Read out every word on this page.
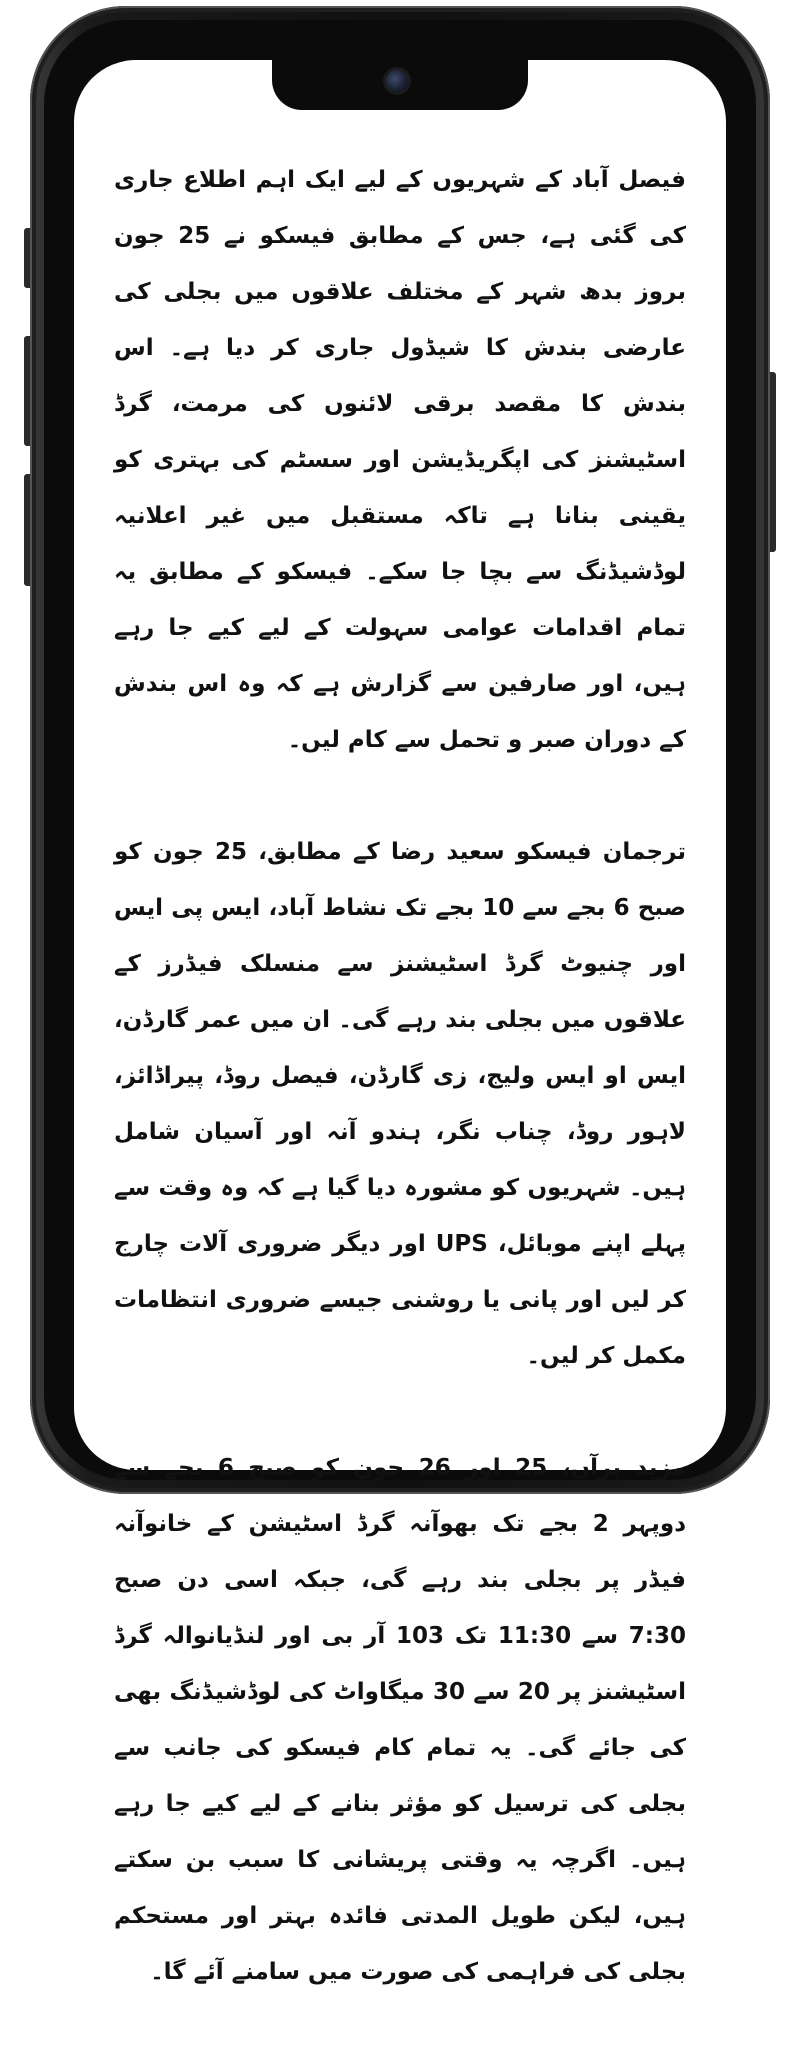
فیصل آباد کے شہریوں کے لیے ایک اہم اطلاع جاری کی گئی ہے، جس کے مطابق فیسکو نے 25 جون بروز بدھ شہر کے مختلف علاقوں میں بجلی کی عارضی بندش کا شیڈول جاری کر دیا ہے۔ اس بندش کا مقصد برقی لائنوں کی مرمت، گرڈ اسٹیشنز کی اپگریڈیشن اور سسٹم کی بہتری کو یقینی بنانا ہے تاکہ مستقبل میں غیر اعلانیہ لوڈشیڈنگ سے بچا جا سکے۔ فیسکو کے مطابق یہ تمام اقدامات عوامی سہولت کے لیے کیے جا رہے ہیں، اور صارفین سے گزارش ہے کہ وہ اس بندش کے دوران صبر و تحمل سے کام لیں۔

ترجمان فیسکو سعید رضا کے مطابق، 25 جون کو صبح 6 بجے سے 10 بجے تک نشاط آباد، ایس پی ایس اور چنیوٹ گرڈ اسٹیشنز سے منسلک فیڈرز کے علاقوں میں بجلی بند رہے گی۔ ان میں عمر گارڈن، ایس او ایس ولیج، زی گارڈن، فیصل روڈ، پیراڈائز، لاہور روڈ، چناب نگر، ہندو آنہ اور آسیان شامل ہیں۔ شہریوں کو مشورہ دیا گیا ہے کہ وہ وقت سے پہلے اپنے موبائل، UPS اور دیگر ضروری آلات چارج کر لیں اور پانی یا روشنی جیسے ضروری انتظامات مکمل کر لیں۔

مزید برآں، 25 اور 26 جون کو صبح 6 بجے سے دوپہر 2 بجے تک بھوآنہ گرڈ اسٹیشن کے خانوآنہ فیڈر پر بجلی بند رہے گی، جبکہ اسی دن صبح 7:30 سے 11:30 تک 103 آر بی اور لنڈیانوالہ گرڈ اسٹیشنز پر 20 سے 30 میگاواٹ کی لوڈشیڈنگ بھی کی جائے گی۔ یہ تمام کام فیسکو کی جانب سے بجلی کی ترسیل کو مؤثر بنانے کے لیے کیے جا رہے ہیں۔ اگرچہ یہ وقتی پریشانی کا سبب بن سکتے ہیں، لیکن طویل المدتی فائدہ بہتر اور مستحکم بجلی کی فراہمی کی صورت میں سامنے آئے گا۔
